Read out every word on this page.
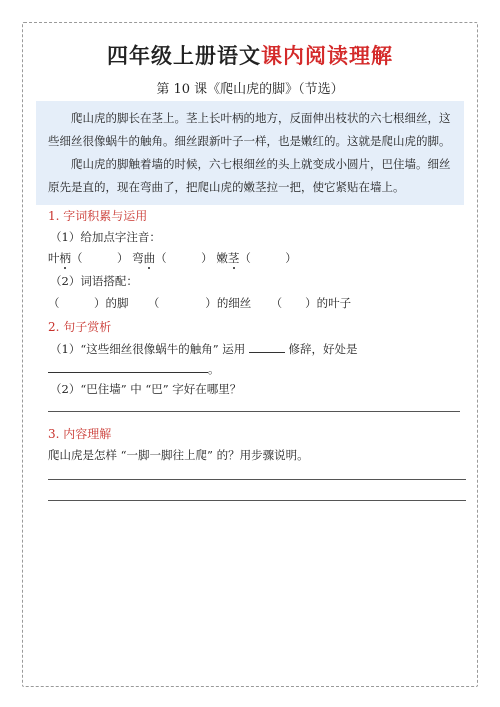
四年级上册语文课内阅读理解
第 10 课《爬山虎的脚》（节选）

爬山虎的脚长在茎上。茎上长叶柄的地方，反面伸出枝状的六七根细丝，这些细丝很像蜗牛的触角。细丝跟新叶子一样，也是嫩红的。这就是爬山虎的脚。

爬山虎的脚触着墙的时候，六七根细丝的头上就变成小圆片，巴住墙。细丝原先是直的，现在弯曲了，把爬山虎的嫩茎拉一把，使它紧贴在墙上。

1. 字词积累与运用
（1）给加点字注音：
叶柄（　　　） 弯曲（　　　） 嫩茎（　　　）
（2）词语搭配：
（　　　）的脚 （　　　　）的细丝 （　　）的叶子
2. 句子赏析
（1）“这些细丝很像蜗牛的触角” 运用	修辞，好处是
。
（2）“巴住墙” 中 “巴” 字好在哪里？
3. 内容理解
爬山虎是怎样 “一脚一脚往上爬” 的？用步骤说明。
